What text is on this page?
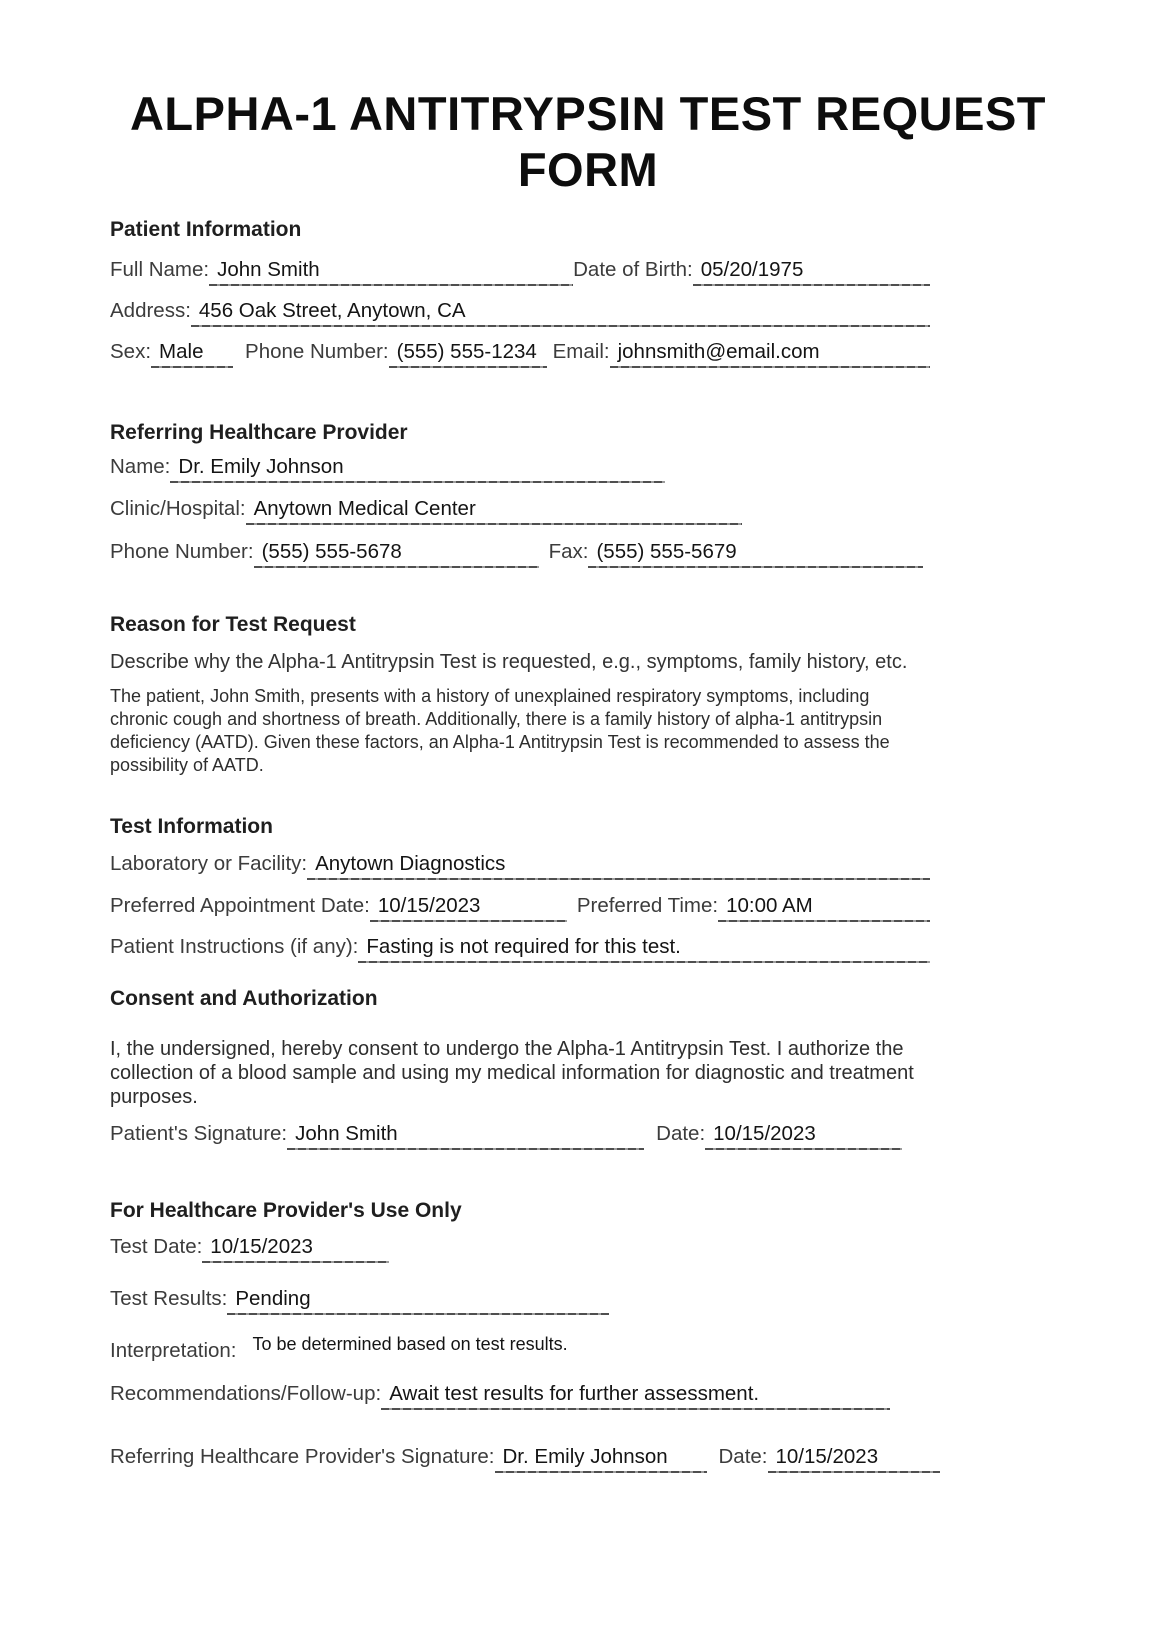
ALPHA-1 ANTITRYPSIN TEST REQUEST FORM
Patient Information
Full Name: John Smith	Date of Birth: 05/20/1975
Address: 456 Oak Street, Anytown, CA
Sex: Male	Phone Number: (555) 555-1234 Email: johnsmith@email.com
Referring Healthcare Provider
Name: Dr. Emily Johnson
Clinic/Hospital: Anytown Medical Center
Phone Number: (555) 555-5678	Fax: (555) 555-5679
Reason for Test Request
Describe why the Alpha-1 Antitrypsin Test is requested, e.g., symptoms, family history, etc.
The patient, John Smith, presents with a history of unexplained respiratory symptoms, including
chronic cough and shortness of breath. Additionally, there is a family history of alpha-1 antitrypsin
deficiency (AATD). Given these factors, an Alpha-1 Antitrypsin Test is recommended to assess the
possibility of AATD.
Test Information
Laboratory or Facility: Anytown Diagnostics
Preferred Appointment Date: 10/15/2023	Preferred Time: 10:00 AM
Patient Instructions (if any): Fasting is not required for this test.
Consent and Authorization
I, the undersigned, hereby consent to undergo the Alpha-1 Antitrypsin Test. I authorize the
collection of a blood sample and using my medical information for diagnostic and treatment
purposes.
Patient's Signature: John Smith	Date: 10/15/2023
For Healthcare Provider's Use Only
Test Date: 10/15/2023
Test Results: Pending
Interpretation: To be determined based on test results.
Recommendations/Follow-up: Await test results for further assessment.
Referring Healthcare Provider's Signature: Dr. Emily Johnson	Date: 10/15/2023
